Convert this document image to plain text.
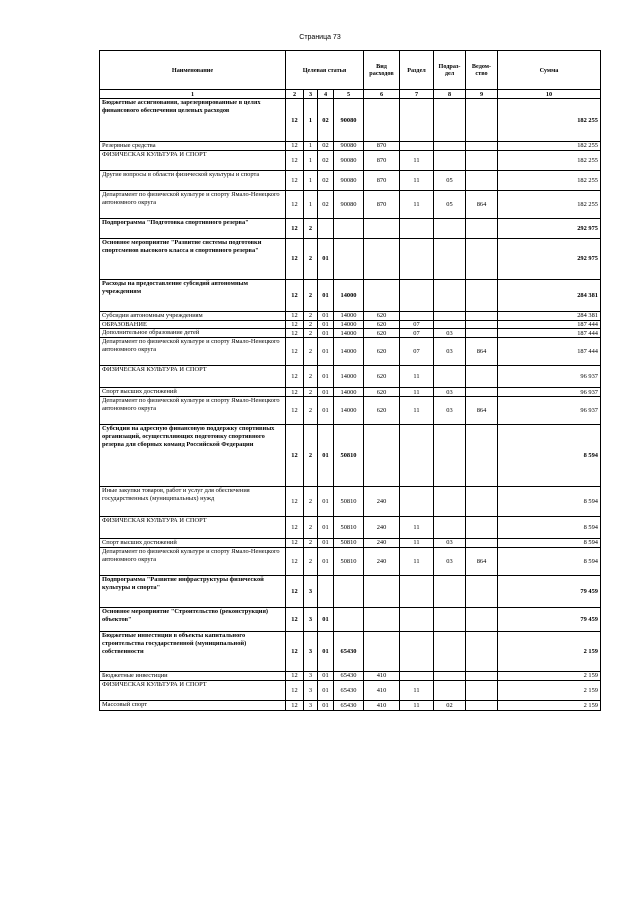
Страница 73
Наименование	Целевая статья				Вид расходов	Раздел	Подраз-дел	Ведом-ство	Сумма
1	2	3	4	5	6	7	8	9	10
Бюджетные ассигнования, зарезервированные в целях финансового обеспечения целевых расходов	12	1	02	90080					182 255
Резервные средства	12	1	02	90080	870				182 255
ФИЗИЧЕСКАЯ КУЛЬТУРА И СПОРТ	12	1	02	90080	870	11			182 255
Другие вопросы в области физической культуры и спорта	12	1	02	90080	870	11	05		182 255
Департамент по физической культуре и спорту Ямало-Ненецкого автономного округа	12	1	02	90080	870	11	05	864	182 255
Подпрограмма "Подготовка спортивного резерва"	12	2							292 975
Основное мероприятие "Развитие системы подготовки спортсменов высокого класса и спортивного резерва"	12	2	01						292 975
Расходы на предоставление субсидий автономным учреждениям	12	2	01	14000					284 381
Субсидии автономным учреждениям	12	2	01	14000	620				284 381
ОБРАЗОВАНИЕ	12	2	01	14000	620	07			187 444
Дополнительное образование детей	12	2	01	14000	620	07	03		187 444
Департамент по физической культуре и спорту Ямало-Ненецкого автономного округа	12	2	01	14000	620	07	03	864	187 444
ФИЗИЧЕСКАЯ КУЛЬТУРА И СПОРТ	12	2	01	14000	620	11			96 937
Спорт высших достижений	12	2	01	14000	620	11	03		96 937
Департамент по физической культуре и спорту Ямало-Ненецкого автономного округа	12	2	01	14000	620	11	03	864	96 937
Субсидии на адресную финансовую поддержку спортивных организаций, осуществляющих подготовку спортивного резерва для сборных команд Российской Федерации	12	2	01	50810					8 594
Иные закупки товаров, работ и услуг для обеспечения государственных (муниципальных) нужд	12	2	01	50810	240				8 594
ФИЗИЧЕСКАЯ КУЛЬТУРА И СПОРТ	12	2	01	50810	240	11			8 594
Спорт высших достижений	12	2	01	50810	240	11	03		8 594
Департамент по физической культуре и спорту Ямало-Ненецкого автономного округа	12	2	01	50810	240	11	03	864	8 594
Подпрограмма "Развитие инфраструктуры физической культуры и спорта"	12	3							79 459
Основное мероприятие "Строительство (реконструкция) объектов"	12	3	01						79 459
Бюджетные инвестиции в объекты капитального строительства государственной (муниципальной) собственности	12	3	01	65430					2 159
Бюджетные инвестиции	12	3	01	65430	410				2 159
ФИЗИЧЕСКАЯ КУЛЬТУРА И СПОРТ	12	3	01	65430	410	11			2 159
Массовый спорт	12	3	01	65430	410	11	02		2 159
